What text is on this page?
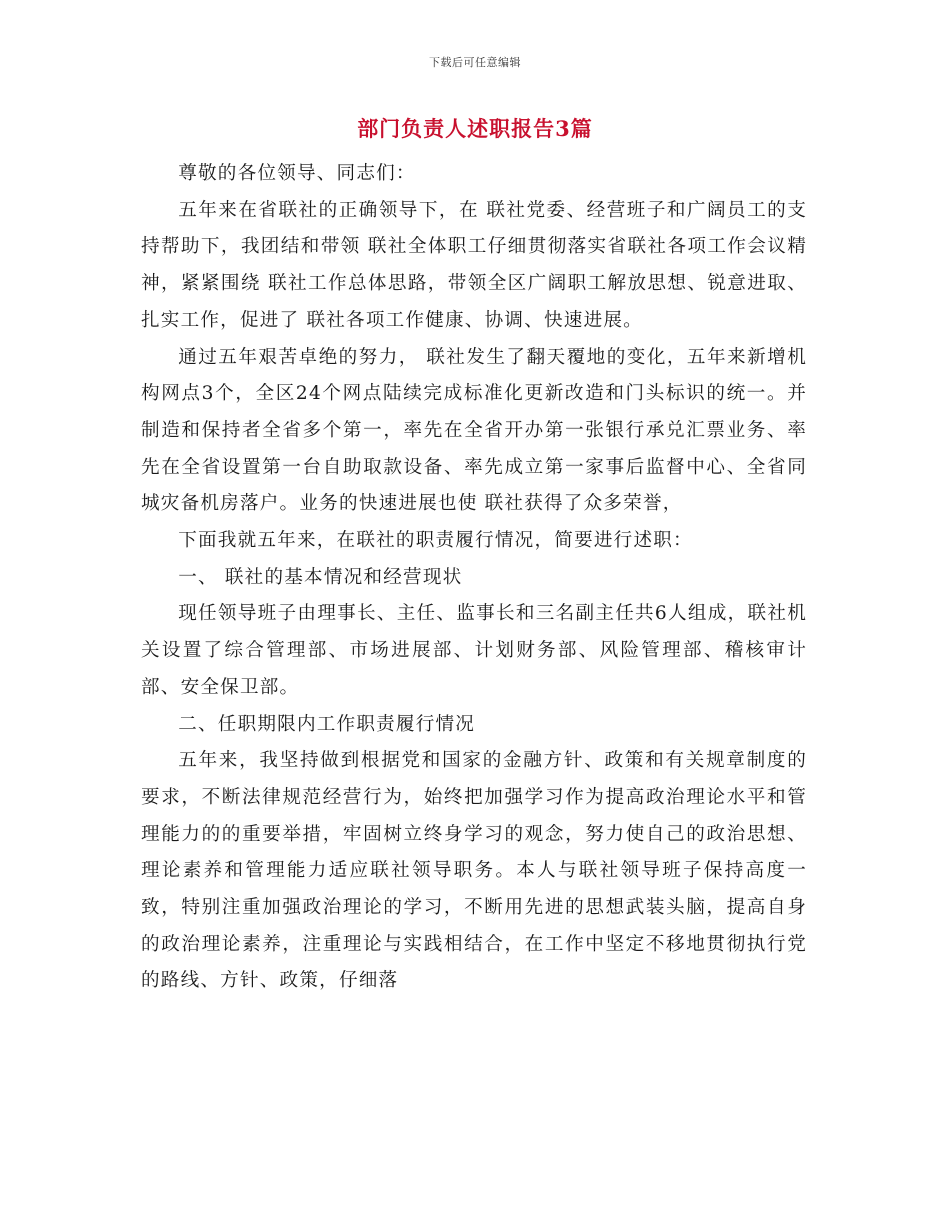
下载后可任意编辑
部门负责人述职报告3篇

尊敬的各位领导、同志们：

五年来在省联社的正确领导下，在 联社党委、经营班子和广阔员工的支持帮助下，我团结和带领 联社全体职工仔细贯彻落实省联社各项工作会议精神，紧紧围绕 联社工作总体思路，带领全区广阔职工解放思想、锐意进取、扎实工作，促进了 联社各项工作健康、协调、快速进展。

通过五年艰苦卓绝的努力， 联社发生了翻天覆地的变化，五年来新增机构网点3个，全区24个网点陆续完成标准化更新改造和门头标识的统一。并制造和保持者全省多个第一，率先在全省开办第一张银行承兑汇票业务、率先在全省设置第一台自助取款设备、率先成立第一家事后监督中心、全省同城灾备机房落户。业务的快速进展也使 联社获得了众多荣誉，

下面我就五年来，在联社的职责履行情况，简要进行述职：

一、 联社的基本情况和经营现状

现任领导班子由理事长、主任、监事长和三名副主任共6人组成，联社机关设置了综合管理部、市场进展部、计划财务部、风险管理部、稽核审计部、安全保卫部。

二、任职期限内工作职责履行情况

五年来，我坚持做到根据党和国家的金融方针、政策和有关规章制度的要求，不断法律规范经营行为，始终把加强学习作为提高政治理论水平和管理能力的的重要举措，牢固树立终身学习的观念，努力使自己的政治思想、理论素养和管理能力适应联社领导职务。本人与联社领导班子保持高度一致，特别注重加强政治理论的学习，不断用先进的思想武装头脑，提高自身的政治理论素养，注重理论与实践相结合，在工作中坚定不移地贯彻执行党的路线、方针、政策，仔细落
